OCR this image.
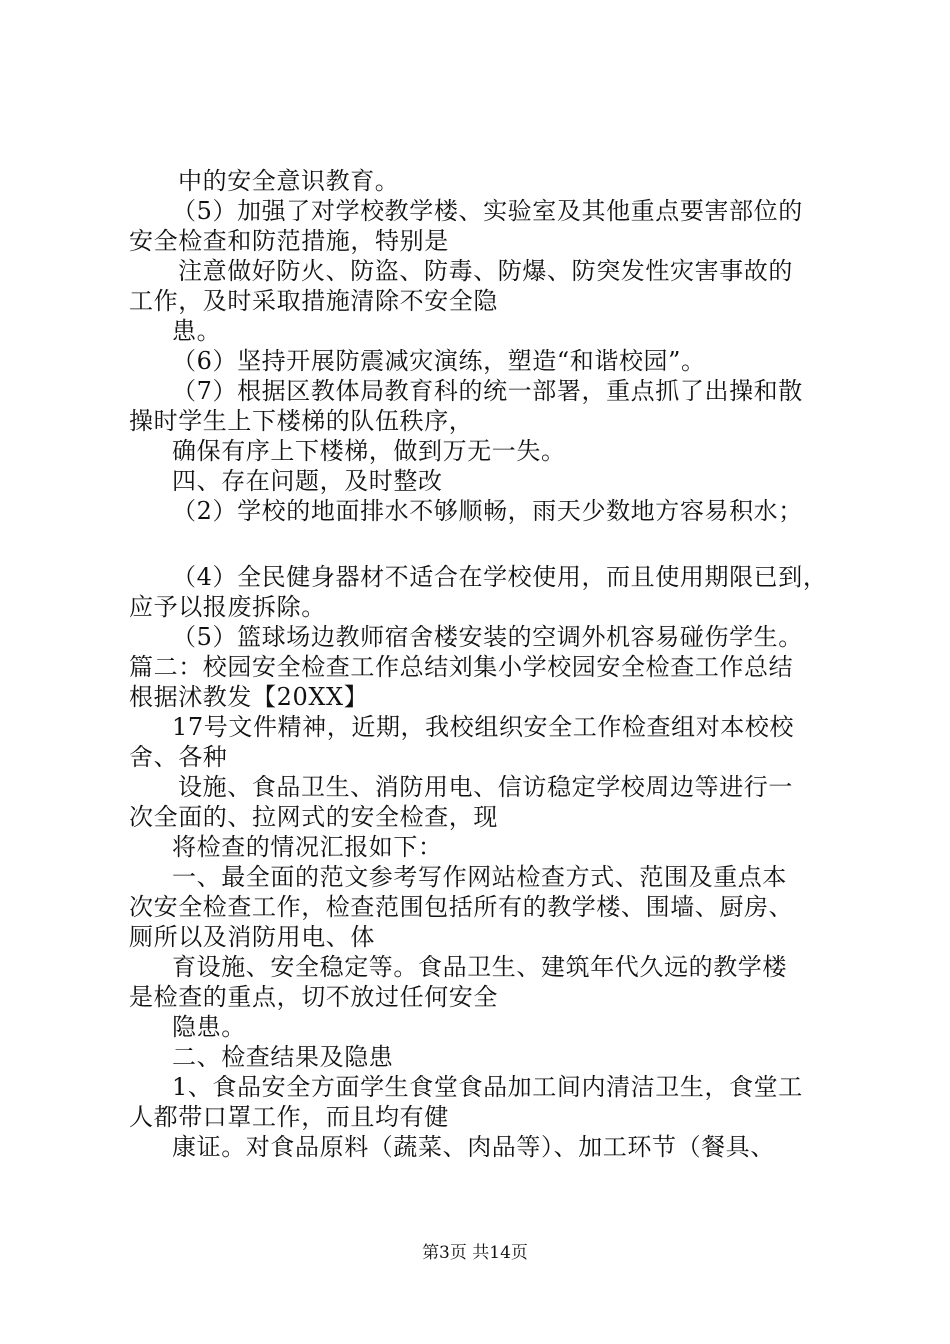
中的安全意识教育。

（5）加强了对学校教学楼、实验室及其他重点要害部位的

安全检查和防范措施，特别是

注意做好防火、防盗、防毒、防爆、防突发性灾害事故的

工作，及时采取措施清除不安全隐

患。

（6）坚持开展防震减灾演练，塑造“和谐校园”。

（7）根据区教体局教育科的统一部署，重点抓了出操和散

操时学生上下楼梯的队伍秩序，

确保有序上下楼梯，做到万无一失。

四、存在问题，及时整改

（2）学校的地面排水不够顺畅，雨天少数地方容易积水；

（4）全民健身器材不适合在学校使用，而且使用期限已到，

应予以报废拆除。

（5）篮球场边教师宿舍楼安装的空调外机容易碰伤学生。

篇二：校园安全检查工作总结刘集小学校园安全检查工作总结

根据沭教发【20XX】

17号文件精神，近期，我校组织安全工作检查组对本校校

舍、各种

设施、食品卫生、消防用电、信访稳定学校周边等进行一

次全面的、拉网式的安全检查，现

将检查的情况汇报如下：

一、最全面的范文参考写作网站检查方式、范围及重点本

次安全检查工作，检查范围包括所有的教学楼、围墙、厨房、

厕所以及消防用电、体

育设施、安全稳定等。食品卫生、建筑年代久远的教学楼

是检查的重点，切不放过任何安全

隐患。

二、检查结果及隐患

1、食品安全方面学生食堂食品加工间内清洁卫生，食堂工

人都带口罩工作，而且均有健

康证。对食品原料（蔬菜、肉品等）、加工环节（餐具、

第3页 共14页
